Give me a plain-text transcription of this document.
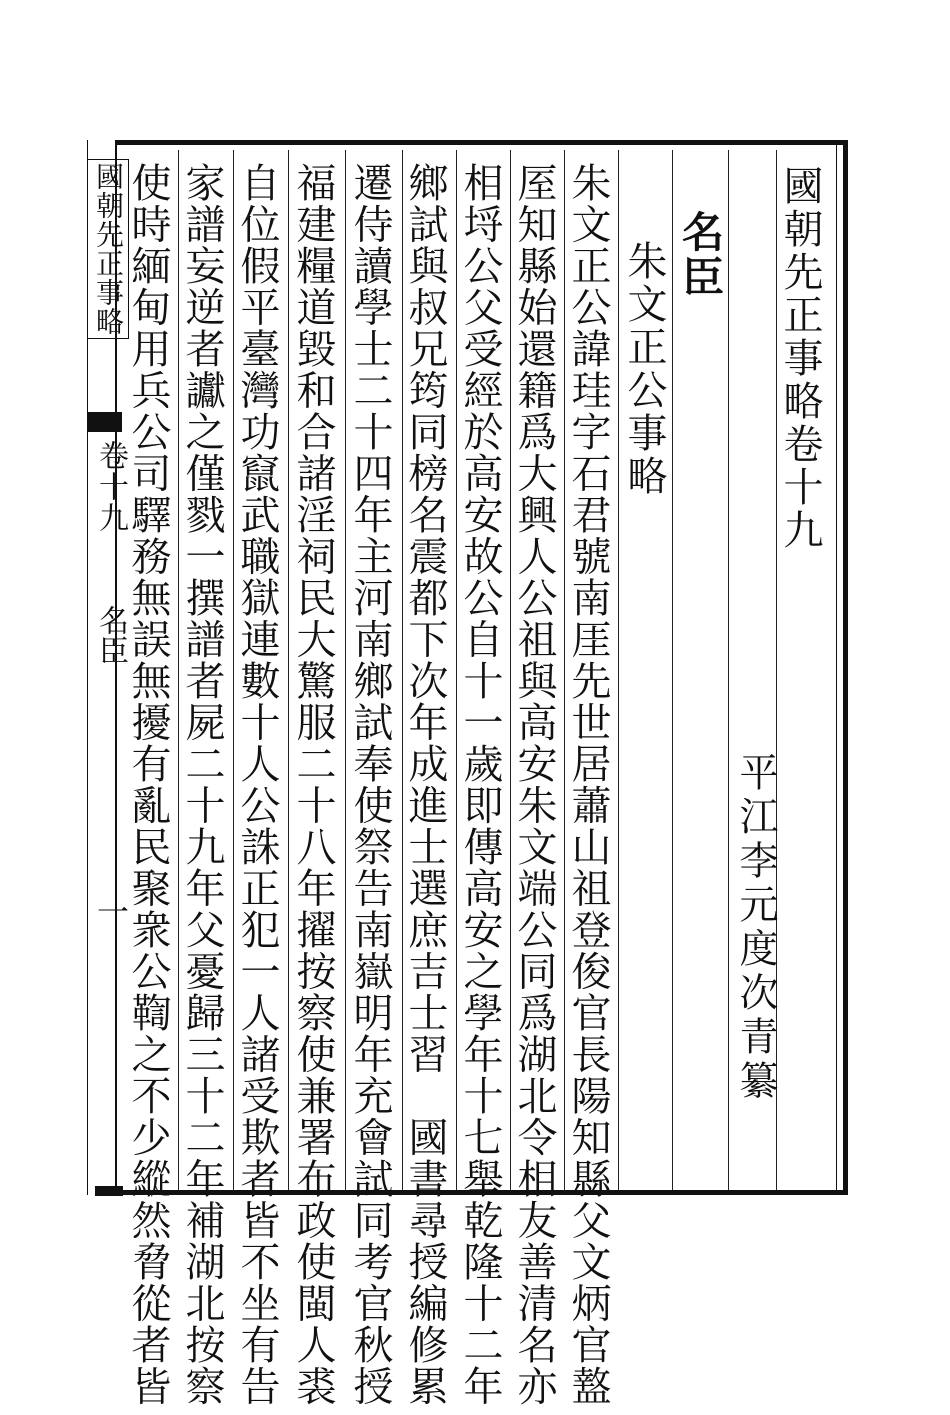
國朝先正事略
卷十九
名臣
一
國朝先正事略卷十九
平江李元度次青纂
名臣
朱文正公事略
朱文正公諱珪字石君號南厓先世居蕭山祖登俊官長陽知縣父文炳官盩
厔知縣始還籍爲大興人公祖與高安朱文端公同爲湖北令相友善清名亦
相埒公父受經於高安故公自十一歲即傳高安之學年十七舉乾隆十二年
鄉試與叔兄筠同榜名震都下次年成進士選庶吉士習　國書尋授編修累
遷侍讀學士二十四年主河南鄉試奉使祭告南嶽明年充會試同考官秋授
福建糧道毀和合諸淫祠民大驚服二十八年擢按察使兼署布政使閩人裘
自位假平臺灣功竄武職獄連數十人公誅正犯一人諸受欺者皆不坐有告
家譜妄逆者讞之僅戮一撰譜者屍二十九年父憂歸三十二年補湖北按察
使時緬甸用兵公司驛務無誤無擾有亂民聚衆公鞫之不少縱然脅從者皆
